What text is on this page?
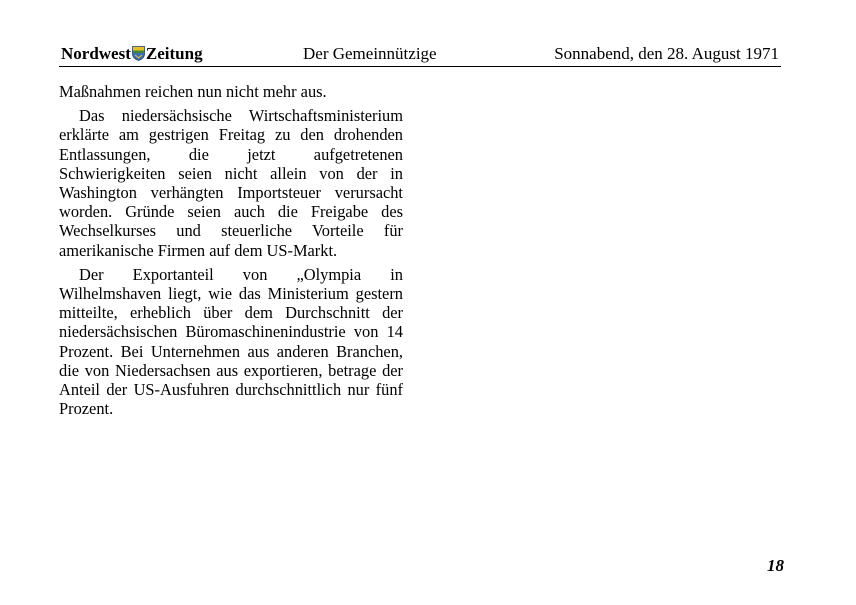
Nordwest Zeitung	Der Gemeinnützige	Sonnabend, den 28. August 1971

Maßnahmen reichen nun nicht mehr aus.

Das niedersächsische Wirtschaftsministerium erklärte am gestrigen Freitag zu den drohenden Entlassungen, die jetzt aufgetretenen Schwierigkeiten seien nicht allein von der in Washington verhängten Importsteuer verursacht worden. Gründe seien auch die Freigabe des Wechselkurses und steuerliche Vorteile für amerikanische Firmen auf dem US-Markt.

Der Exportanteil von „Olympia in Wilhelmshaven liegt, wie das Ministerium gestern mitteilte, erheblich über dem Durchschnitt der niedersächsischen Büromaschinenindustrie von 14 Prozent. Bei Unternehmen aus anderen Branchen, die von Niedersachsen aus exportieren, betrage der Anteil der US-Ausfuhren durchschnittlich nur fünf Prozent.

18
